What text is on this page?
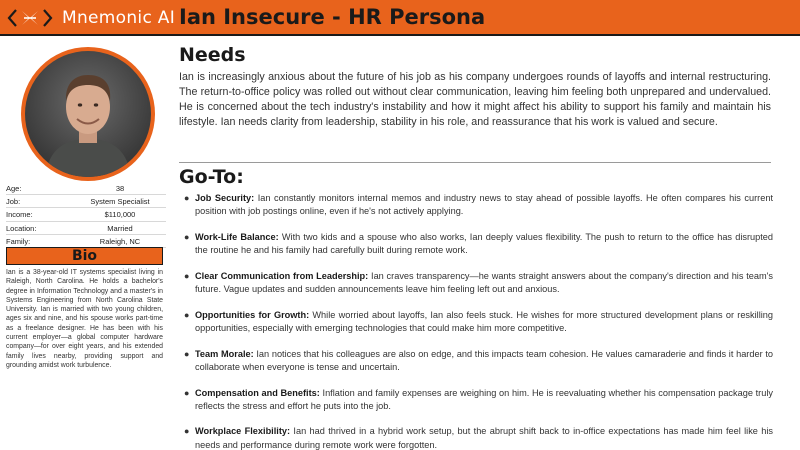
Mnemonic AI Ian Insecure - HR Persona
Age:	38
Job:	System Specialist
Income:	$110,000
Location:	Married
Family:	Raleigh, NC
Bio

Ian is a 38-year-old IT systems specialist living in Raleigh, North Carolina. He holds a bachelor's degree in Information Technology and a master's in Systems Engineering from North Carolina State University. Ian is married with two young children, ages six and nine, and his spouse works part-time as a freelance designer. He has been with his current employer—a global computer hardware company—for over eight years, and his extended family lives nearby, providing support and grounding amidst work turbulence.

Needs

Ian is increasingly anxious about the future of his job as his company undergoes rounds of layoffs and internal restructuring. The return-to-office policy was rolled out without clear communication, leaving him feeling both unprepared and undervalued. He is concerned about the tech industry's instability and how it might affect his ability to support his family and maintain his lifestyle. Ian needs clarity from leadership, stability in his role, and reassurance that his work is valued and secure.

Go-To:
● Job Security: Ian constantly monitors internal memos and industry news to stay ahead of possible layoffs. He often compares his current position with job postings online, even if he's not actively applying.
● Work-Life Balance: With two kids and a spouse who also works, Ian deeply values flexibility. The push to return to the office has disrupted the routine he and his family had carefully built during remote work.
● Clear Communication from Leadership: Ian craves transparency—he wants straight answers about the company's direction and his team's future. Vague updates and sudden announcements leave him feeling left out and anxious.
● Opportunities for Growth: While worried about layoffs, Ian also feels stuck. He wishes for more structured development plans or reskilling opportunities, especially with emerging technologies that could make him more competitive.
● Team Morale: Ian notices that his colleagues are also on edge, and this impacts team cohesion. He values camaraderie and finds it harder to collaborate when everyone is tense and uncertain.
● Compensation and Benefits: Inflation and family expenses are weighing on him. He is reevaluating whether his compensation package truly reflects the stress and effort he puts into the job.
● Workplace Flexibility: Ian had thrived in a hybrid work setup, but the abrupt shift back to in-office expectations has made him feel like his needs and performance during remote work were forgotten.
